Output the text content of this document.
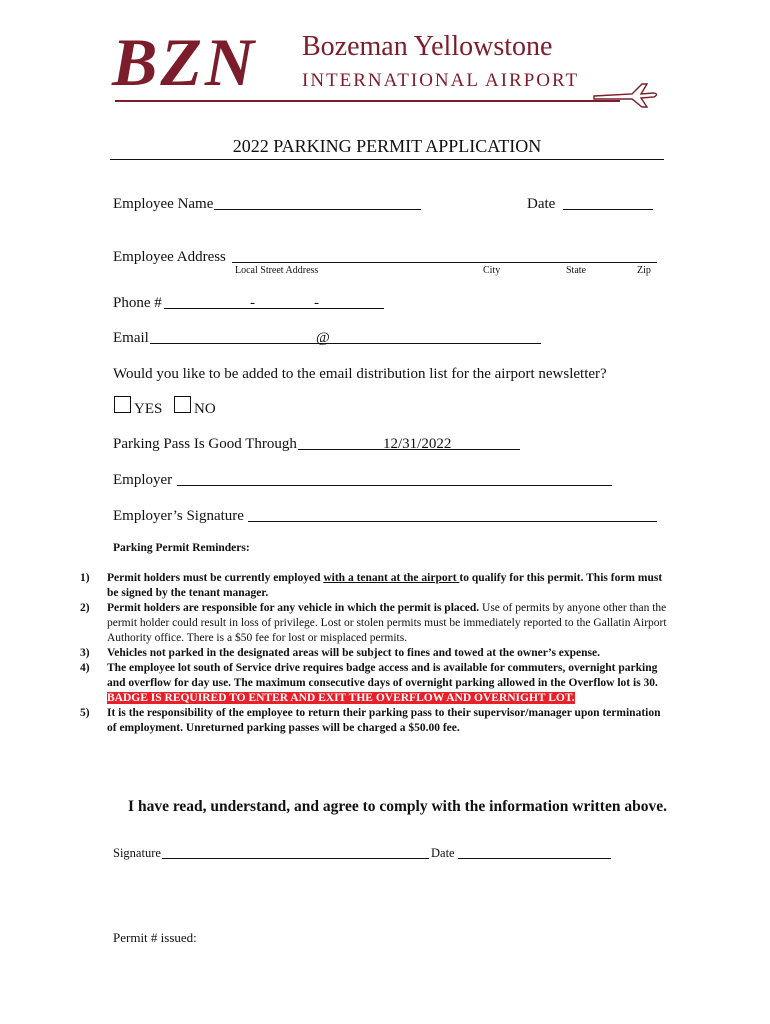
BZN Bozeman Yellowstone
INTERNATIONAL AIRPORT
2022 PARKING PERMIT APPLICATION
Employee Name	Date
Employee Address
Local Street Address	City	State	Zip
Phone #	-	-
Email	@
Would you like to be added to the email distribution list for the airport newsletter?
YES NO
Parking Pass Is Good Through	12/31/2022
Employer
Employer’s Signature
Parking Permit Reminders:
1)	Permit holders must be currently employed with a tenant at the airport to qualify for this permit. This form must be signed by the tenant manager.
2)	Permit holders are responsible for any vehicle in which the permit is placed. Use of permits by anyone other than the permit holder could result in loss of privilege. Lost or stolen permits must be immediately reported to the Gallatin Airport Authority office. There is a $50 fee for lost or misplaced permits.
3)	Vehicles not parked in the designated areas will be subject to fines and towed at the owner’s expense.
4)	The employee lot south of Service drive requires badge access and is available for commuters, overnight parking and overflow for day use. The maximum consecutive days of overnight parking allowed in the Overflow lot is 30. BADGE IS REQUIRED TO ENTER AND EXIT THE OVERFLOW AND OVERNIGHT LOT.
5)	It is the responsibility of the employee to return their parking pass to their supervisor/manager upon termination of employment. Unreturned parking passes will be charged a $50.00 fee.
I have read, understand, and agree to comply with the information written above.
Signature	Date
Permit # issued:
